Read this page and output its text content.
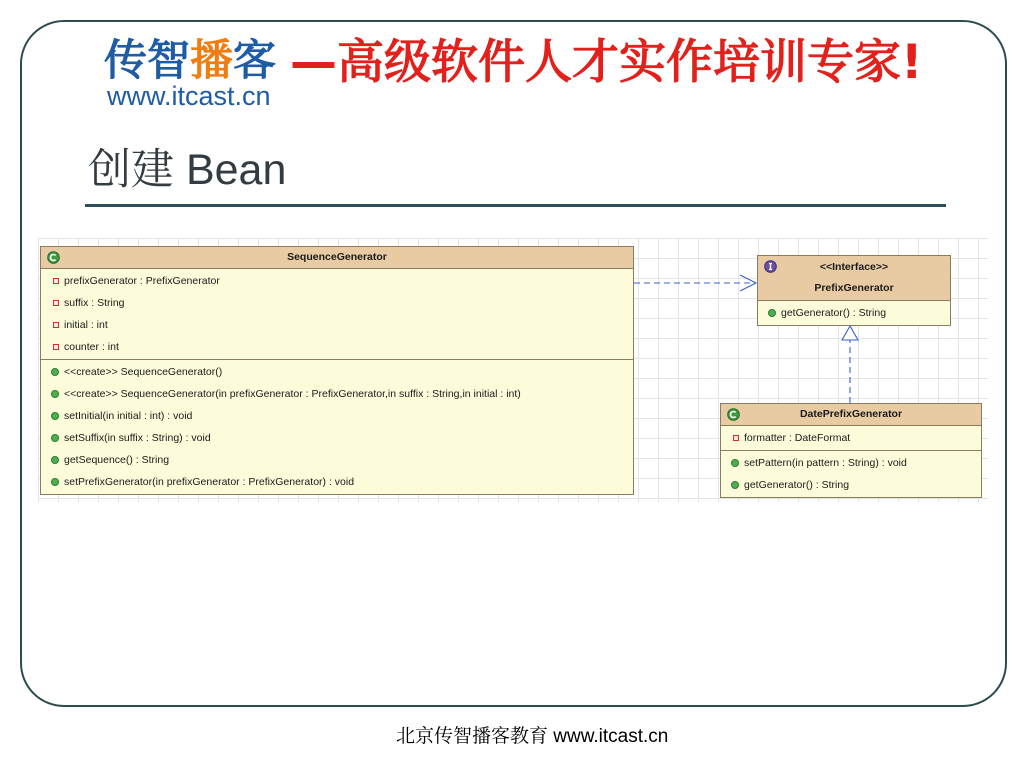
传智播客
www.itcast.cn
—高级软件人才实作培训专家!
创建 Bean
SequenceGenerator
prefixGenerator : PrefixGenerator
suffix : String
initial : int
counter : int
<<create>> SequenceGenerator()
<<create>> SequenceGenerator(in prefixGenerator : PrefixGenerator,in suffix : String,in initial : int)
setInitial(in initial : int) : void
setSuffix(in suffix : String) : void
getSequence() : String
setPrefixGenerator(in prefixGenerator : PrefixGenerator) : void
<<Interface>>
PrefixGenerator
getGenerator() : String
DatePrefixGenerator
formatter : DateFormat
setPattern(in pattern : String) : void
getGenerator() : String
北京传智播客教育 www.itcast.cn
